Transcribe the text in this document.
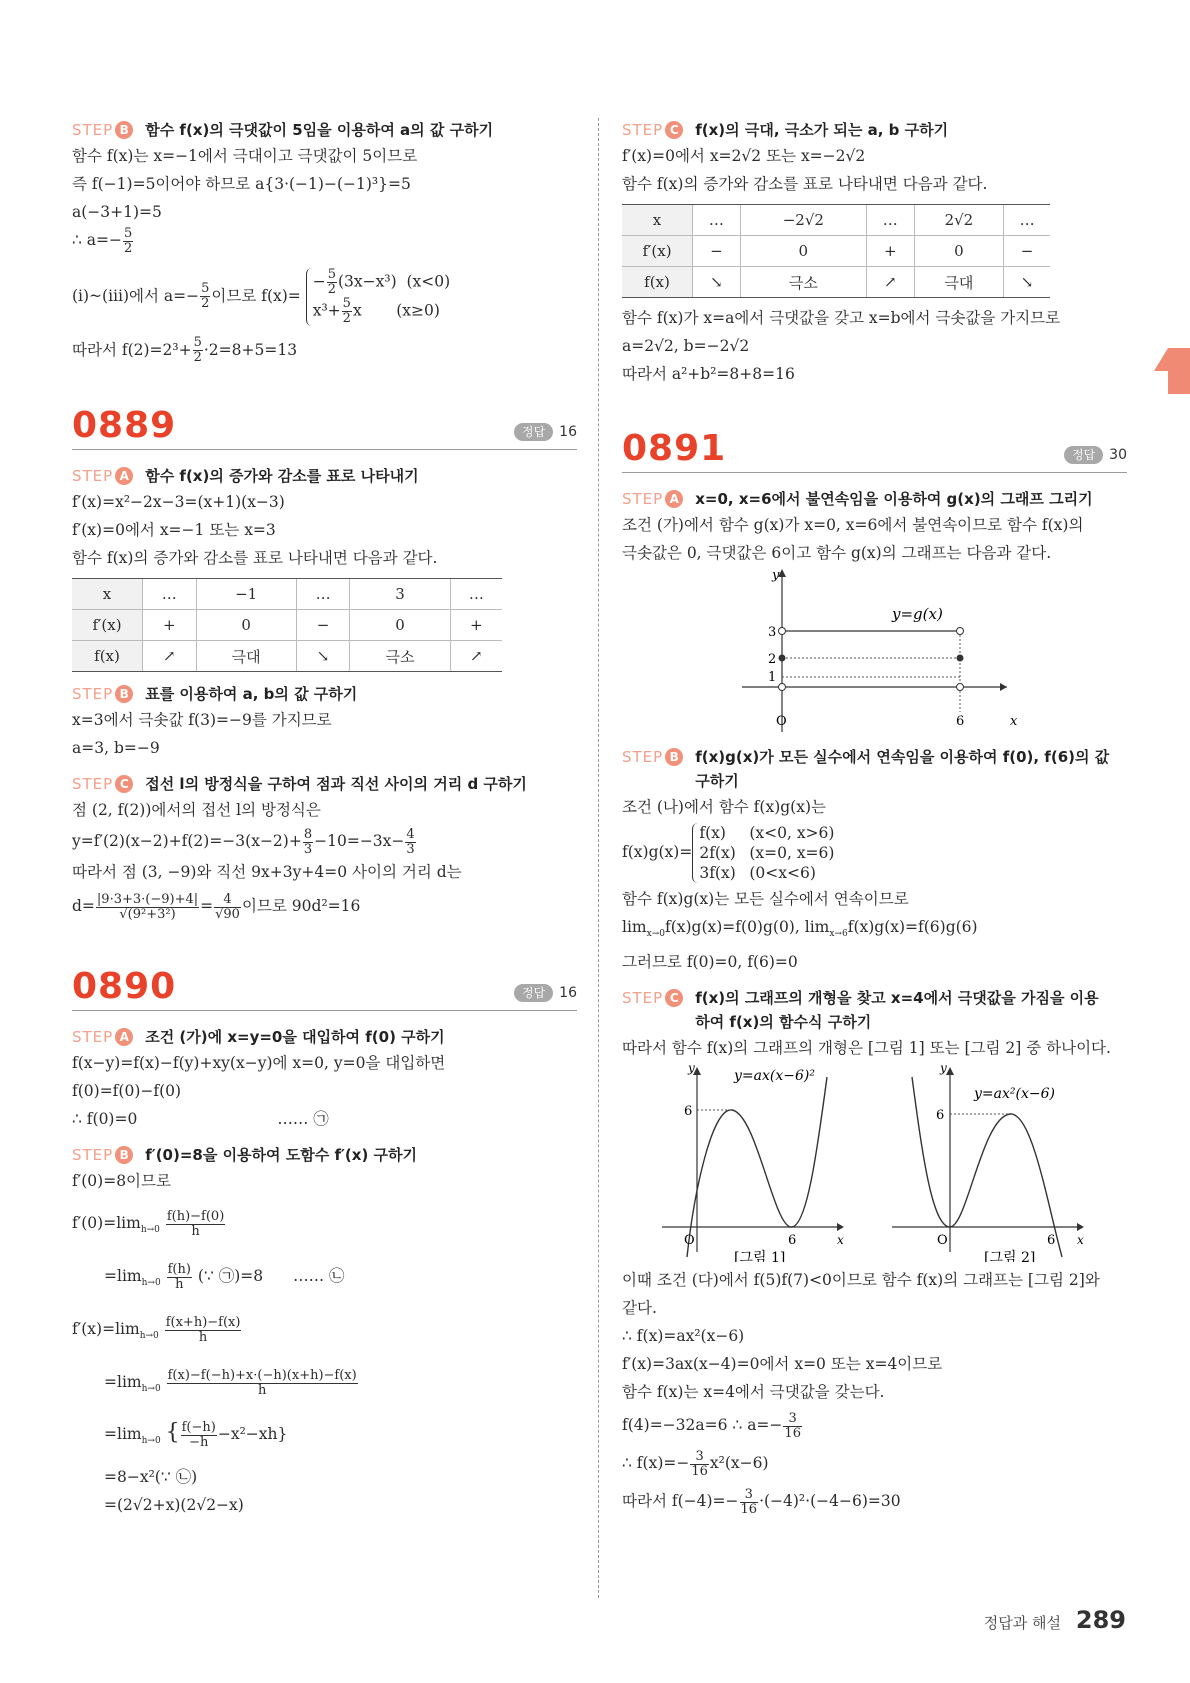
STEP B 함수 f(x)의 극댓값이 5임을 이용하여 a의 값 구하기
함수 f(x)는 x=−1에서 극대이고 극댓값이 5이므로
즉 f(−1)=5이어야 하므로 a{3·(−1)−(−1)³}=5
a(−3+1)=5
∴ $a=- \frac{5}{2}$
(ⅰ)~(ⅲ)에서 $a=- \frac{5}{2}$ 이므로 f(x)=
− $\frac{5}{2} (3x-x^3)$ (x<0)
$x^3+ \frac{5}{2}$ x (x≥0)
따라서 $f(2)=2^3+ \frac{5}{2} \cdot 2=8+5=13$
0889	정답 16
STEP A 함수 f(x)의 증가와 감소를 표로 나타내기
f′(x)=x²−2x−3=(x+1)(x−3)
f′(x)=0에서 x=−1 또는 x=3
함수 f(x)의 증가와 감소를 표로 나타내면 다음과 같다.
x	…	−1	…	3	…
f′(x)	+	0	−	0	+
f(x)	↗	극대	↘	극소	↗
STEP B 표를 이용하여 a, b의 값 구하기
x=3에서 극솟값 f(3)=−9를 가지므로
a=3, b=−9
STEP C	접선 l의 방정식을 구하여 점과 직선 사이의 거리 d 구하기
점 (2, f(2))에서의 접선 l의 방정식은
$y=f'(2)(x-2)+f(2)=-3(x-2)+ \frac{8}{3} -10=-3x- \frac{4}{3}$
따라서 점 (3, −9)와 직선 9x+3y+4=0 사이의 거리 d는
$d= \frac{|9\cdot 3+3\cdot(-9)+4|}{\text{√(9²+3²)}} = \frac{4}{√90}$ 이므로 90d²=16
0890	정답 16
STEP A 조건 (가)에 x=y=0을 대입하여 f(0) 구하기
f(x−y)=f(x)−f(y)+xy(x−y)에 x=0, y=0을 대입하면
f(0)=f(0)−f(0)
∴ f(0)=0	…… ㉠
STEP B f′(0)=8을 이용하여 도함수 f′(x) 구하기
f′(0)=8이므로
$f'(0)=\lim_{h\to 0} \frac{f(h)-f(0)}{h}$
$=\lim_{h\to 0} \frac{f(h)}{h}$ (∵ ㉠)=8 …… ㉡
$f'(x)=\lim_{h\to 0} \frac{f(x+h)-f(x)}{h}$
$=\lim_{h\to 0} \frac{f(x)-f(-h)+x\cdot(-h)(x+h)-f(x)}{h}$
$=\lim_{h\to 0}$ { $\frac{f(-h)}{-h} -x^2-xh$}
=8−x²(∵ ㉡)
=(2√2+x)(2√2−x)
STEP C	f(x)의 극대, 극소가 되는 a, b 구하기
f′(x)=0에서 x=2√2 또는 x=−2√2
함수 f(x)의 증가와 감소를 표로 나타내면 다음과 같다.
x	…	−2√2	…	2√2	…
f′(x)	−	0	+	0	−
f(x)	↘	극소	↗	극대	↘
함수 f(x)가 x=a에서 극댓값을 갖고 x=b에서 극솟값을 가지므로
a=2√2, b=−2√2
따라서 a²+b²=8+8=16
0891	정답 30
STEP A x=0, x=6에서 불연속임을 이용하여 g(x)의 그래프 그리기
조건 (가)에서 함수 g(x)가 x=0, x=6에서 불연속이므로 함수 f(x)의
극솟값은 0, 극댓값은 6이고 함수 g(x)의 그래프는 다음과 같다.
y
x
y=g(x)
3
2
1
O	6
STEP B f(x)g(x)가 모든 실수에서 연속임을 이용하여 f(0), f(6)의 값
구하기
조건 (나)에서 함수 f(x)g(x)는
f(x)g(x)=
f(x) (x<0, x>6)
2f(x) (x=0, x=6)
3f(x) (0<x<6)
함수 f(x)g(x)는 모든 실수에서 연속이므로
$\lim_{x\to 0}f(x)g(x)=f(0)g(0)$, $\lim_{x\to 6}f(x)g(x)=f(6)g(6)$
그러므로 f(0)=0, f(6)=0
STEP C	f(x)의 그래프의 개형을 찾고 x=4에서 극댓값을 가짐을 이용
하여 f(x)의 함수식 구하기
따라서 함수 f(x)의 그래프의 개형은 [그림 1] 또는 [그림 2] 중 하나이다.
y
x
O
6
6
y=ax(x−6)²
[그림 1]
y
x
O
6
6
y=ax²(x−6)
[그림 2]
이때 조건 (다)에서 f(5)f(7)<0이므로 함수 f(x)의 그래프는 [그림 2]와
같다.
∴ f(x)=ax²(x−6)
f′(x)=3ax(x−4)=0에서 x=0 또는 x=4이므로
함수 f(x)는 x=4에서 극댓값을 갖는다.
f(4)=−32a=6 ∴ $a=- \frac{3}{16}$
∴ $f(x)=- \frac{3}{16} x^2(x-6)$
따라서 $f(-4)=- \frac{3}{16} \cdot(-4)^2\cdot(-4-6)=30$
정답과 해설 289
